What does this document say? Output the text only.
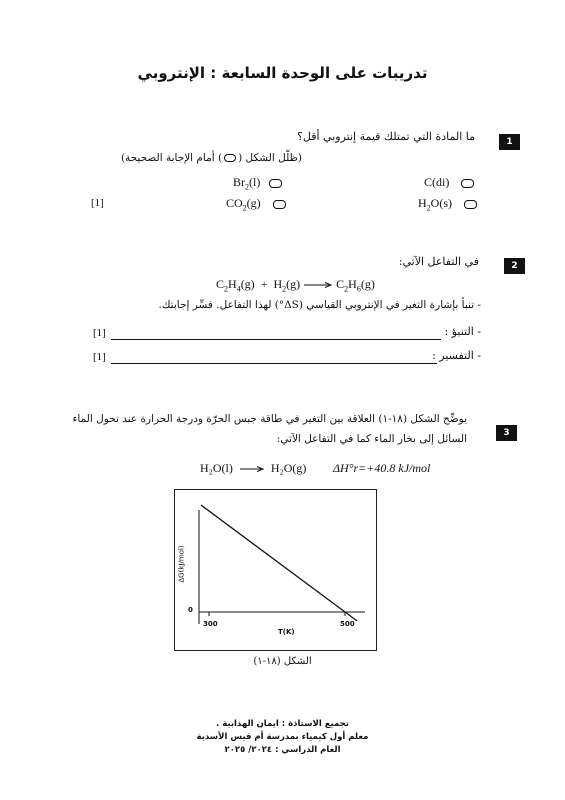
تدريبات على الوحدة السابعة : الإنتروبي
1
ما المادة التي تمتلك قيمة إنتروبي أقل؟
(ظلّل الشكل () أمام الإجابة الصحيحة)
C(di)
$Br_2(l)$
$H_2O(s)$
$CO_2(g)$
[1]
2
في التفاعل الآتي:
$C_2H_4(g) + H_2(g) \to C_2H_6(g)$
- تنبأ بإشارة التغير في الإنتروبي القياسي (ΔS°) لهذا التفاعل. فسِّر إجابتك.
- التنبؤ :
[1]
- التفسير :
[1]
3
يوضِّح الشكل (١٨-١) العلاقة بين التغير في طاقة جبس الحرّة ودرجة الحرارة عند تحول الماء
السائل إلى بخار الماء كما في التفاعل الآتي:
H₂O(l) → H₂O(g) ΔH°r=+40.8 kJ/mol
ΔG(kJ/mol)
0
300	500
T(K)
الشكل (١٨-١)
تجميع الاستاذة : ايمان الهدابية .
معلم أول كيمياء بمدرسة أم قيس الأسدية
العام الدراسي : ٢٠٢٤/ ٢٠٢٥
